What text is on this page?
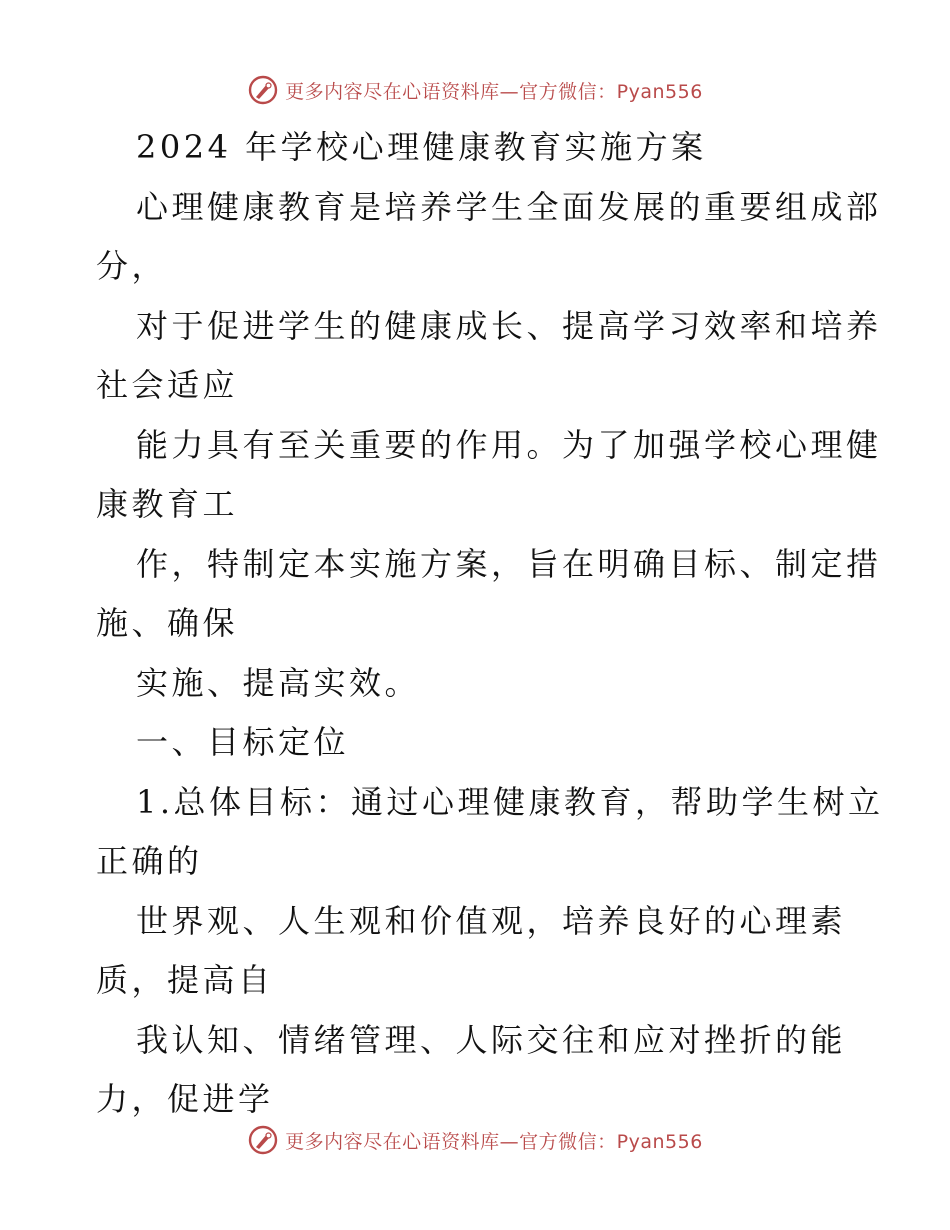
更多内容尽在心语资料库—官方微信：Pyan556
2024 年学校心理健康教育实施方案
心理健康教育是培养学生全面发展的重要组成部
分，
对于促进学生的健康成长、提高学习效率和培养
社会适应
能力具有至关重要的作用。为了加强学校心理健
康教育工
作，特制定本实施方案，旨在明确目标、制定措
施、确保
实施、提高实效。
一、目标定位
1.总体目标：通过心理健康教育，帮助学生树立
正确的
世界观、人生观和价值观，培养良好的心理素
质，提高自
我认知、情绪管理、人际交往和应对挫折的能
力，促进学
更多内容尽在心语资料库—官方微信：Pyan556
